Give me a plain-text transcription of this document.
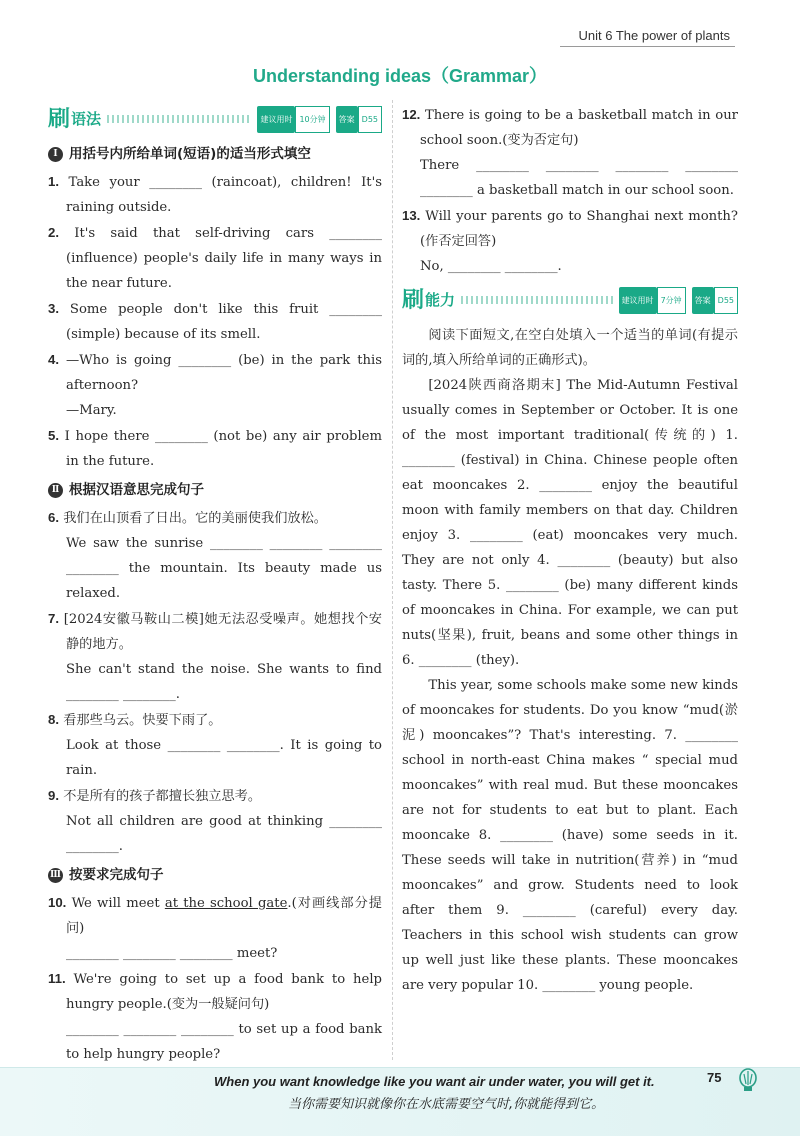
Unit 6 The power of plants
Understanding ideas（Grammar）
刷 语法	建议用时 10分钟	答案 D55
Ⅰ 用括号内所给单词(短语)的适当形式填空

1. Take your ________ (raincoat), children! It's raining outside.

2. It's said that self-driving cars ________ (influence) people's daily life in many ways in the near future.

3. Some people don't like this fruit ________ (simple) because of its smell.

4. —Who is going ________ (be) in the park this afternoon?

—Mary.

5. I hope there ________ (not be) any air problem in the future.

Ⅱ 根据汉语意思完成句子

6. 我们在山顶看了日出。它的美丽使我们放松。

We saw the sunrise ________ ________ ________ ________ the mountain. Its beauty made us relaxed.

7. [2024安徽马鞍山二模]她无法忍受噪声。她想找个安静的地方。

She can't stand the noise. She wants to find ________ ________.

8. 看那些乌云。快要下雨了。

Look at those ________ ________. It is going to rain.

9. 不是所有的孩子都擅长独立思考。

Not all children are good at thinking ________ ________.

Ⅲ 按要求完成句子

10. We will meet at the school gate.(对画线部分提问)

________ ________ ________ meet?

11. We're going to set up a food bank to help hungry people.(变为一般疑问句)

________ ________ ________ to set up a food bank to help hungry people?

12. There is going to be a basketball match in our school soon.(变为否定句)

There ________ ________ ________ ________ ________ a basketball match in our school soon.

13. Will your parents go to Shanghai next month?(作否定回答)

No, ________ ________.

刷 能力	建议用时 7分钟	答案 D55

阅读下面短文,在空白处填入一个适当的单词(有提示词的,填入所给单词的正确形式)。

[2024陕西商洛期末] The Mid-Autumn Festival usually comes in September or October. It is one of the most important traditional(传统的) 1. ________ (festival) in China. Chinese people often eat mooncakes 2. ________ enjoy the beautiful moon with family members on that day. Children enjoy 3. ________ (eat) mooncakes very much. They are not only 4. ________ (beauty) but also tasty. There 5. ________ (be) many different kinds of mooncakes in China. For example, we can put nuts(坚果), fruit, beans and some other things in 6. ________ (they).

This year, some schools make some new kinds of mooncakes for students. Do you know “mud(淤泥) mooncakes”? That's interesting. 7. ________ school in north-east China makes “ special mud mooncakes” with real mud. But these mooncakes are not for students to eat but to plant. Each mooncake 8. ________ (have) some seeds in it. These seeds will take in nutrition(营养) in “mud mooncakes” and grow. Students need to look after them 9. ________ (careful) every day. Teachers in this school wish students can grow up well just like these plants. These mooncakes are very popular 10. ________ young people.

When you want knowledge like you want air under water, you will get it.
当你需要知识就像你在水底需要空气时,你就能得到它。
75
